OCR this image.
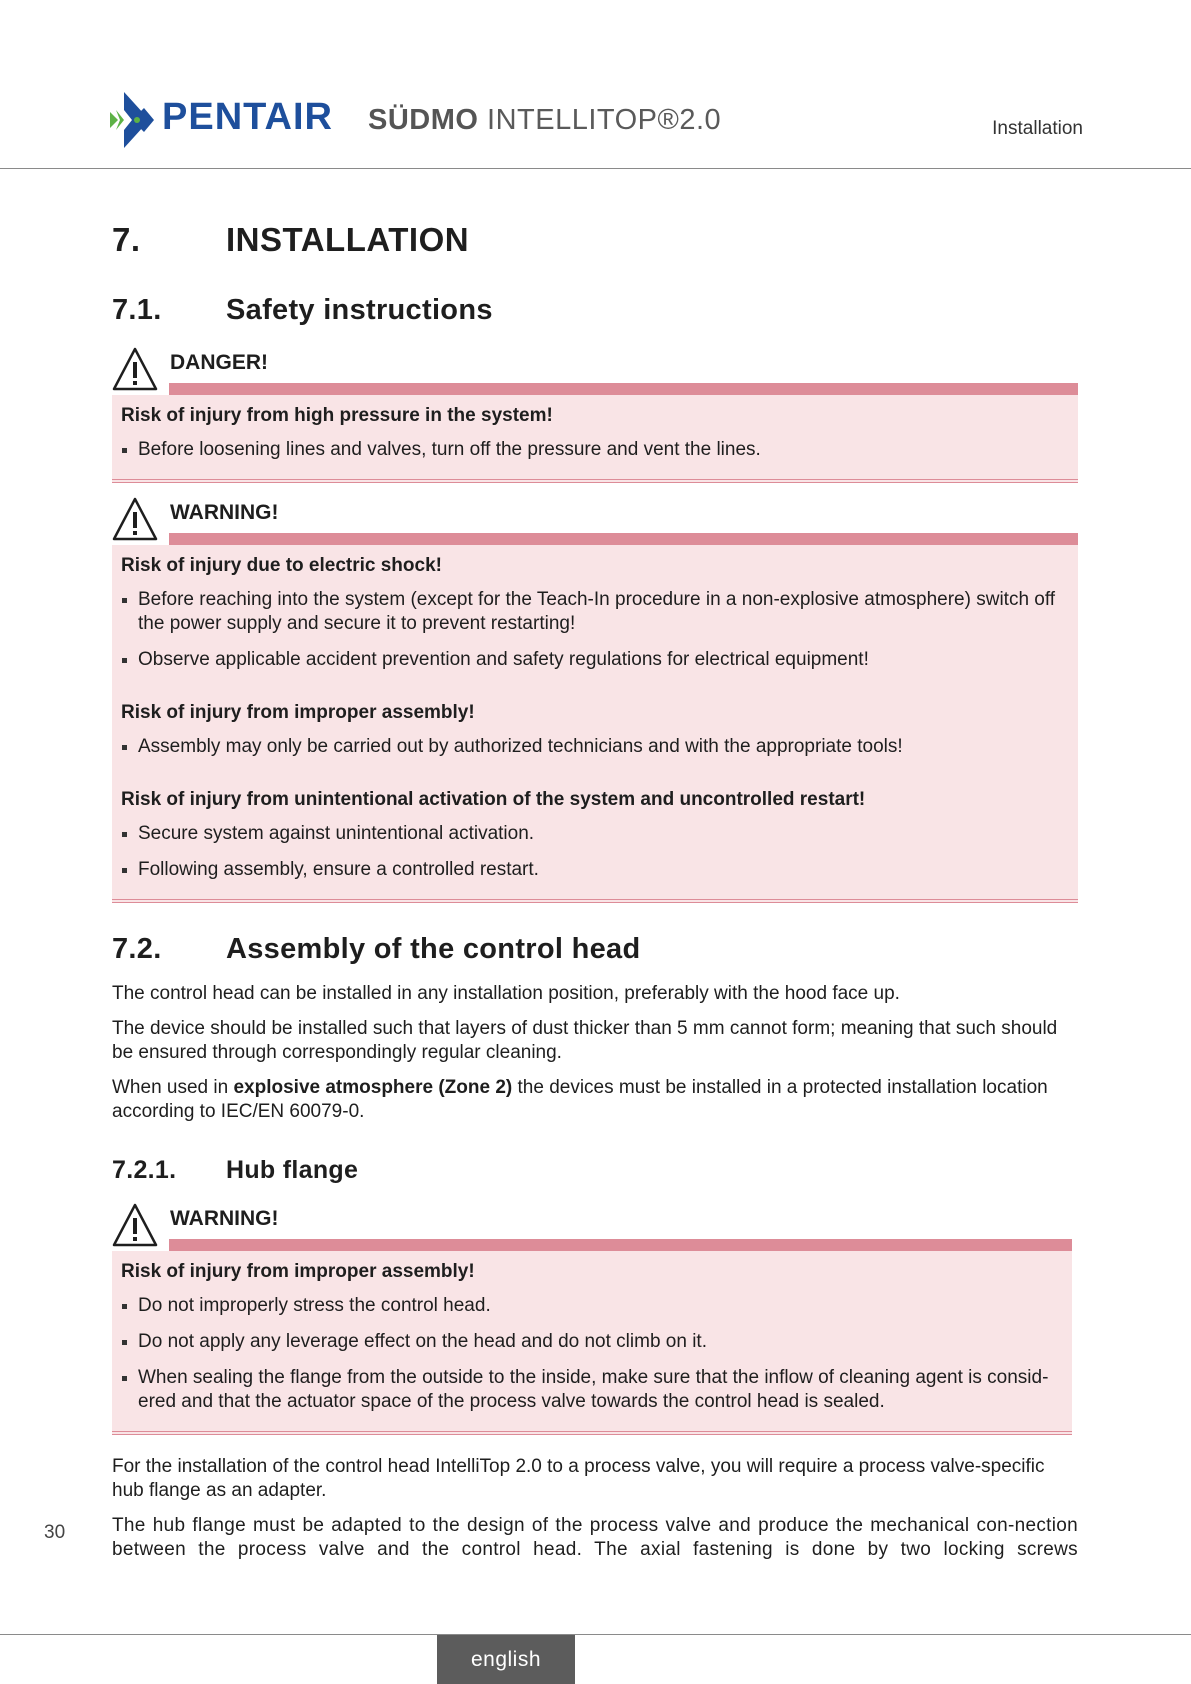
PENTAIR SÜDMO INTELLITOP®2.0	Installation
7.	INSTALLATION
7.1.	Safety instructions
DANGER!
Risk of injury from high pressure in the system!
Before loosening lines and valves, turn off the pressure and vent the lines.
WARNING!
Risk of injury due to electric shock!
Before reaching into the system (except for the Teach-In procedure in a non-explosive atmosphere) switch off the power supply and secure it to prevent restarting!
Observe applicable accident prevention and safety regulations for electrical equipment!
Risk of injury from improper assembly!
Assembly may only be carried out by authorized technicians and with the appropriate tools!
Risk of injury from unintentional activation of the system and uncontrolled restart!
Secure system against unintentional activation.
Following assembly, ensure a controlled restart.
7.2.	Assembly of the control head

The control head can be installed in any installation position, preferably with the hood face up.

The device should be installed such that layers of dust thicker than 5 mm cannot form; meaning that such should be ensured through correspondingly regular cleaning.

When used in explosive atmosphere (Zone 2) the devices must be installed in a protected installation location according to IEC/EN 60079-0.

7.2.1.	Hub flange
WARNING!
Risk of injury from improper assembly!
Do not improperly stress the control head.
Do not apply any leverage effect on the head and do not climb on it.
When sealing the flange from the outside to the inside, make sure that the inflow of cleaning agent is consid-ered and that the actuator space of the process valve towards the control head is sealed.

For the installation of the control head IntelliTop 2.0 to a process valve, you will require a process valve-specific hub flange as an adapter.

The hub flange must be adapted to the design of the process valve and produce the mechanical con-nection between the process valve and the control head. The axial fastening is done by two locking screws

30
english
